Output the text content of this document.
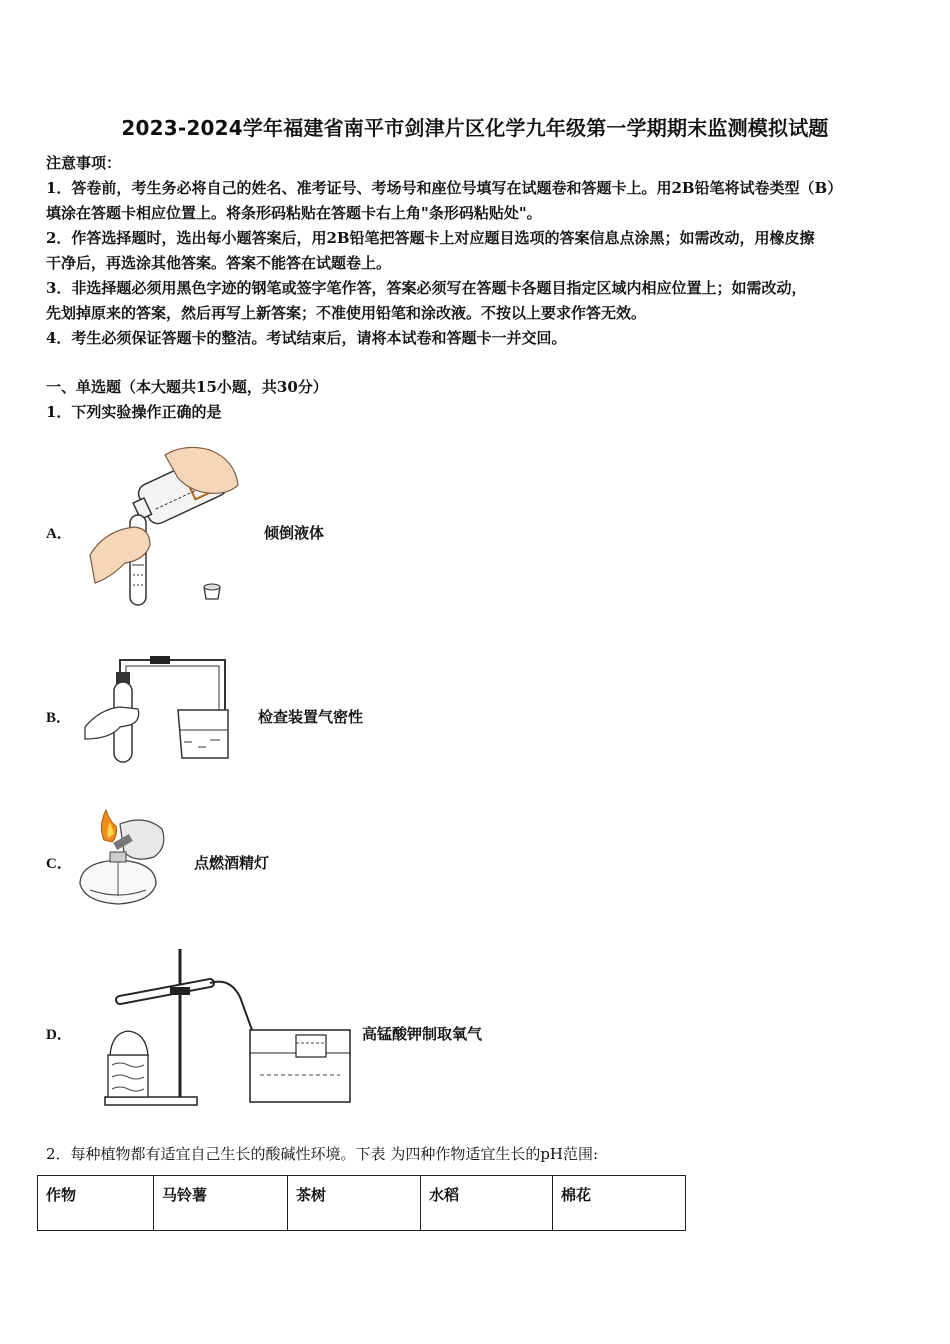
2023-2024学年福建省南平市剑津片区化学九年级第一学期期末监测模拟试题
注意事项：
1．答卷前，考生务必将自己的姓名、准考证号、考场号和座位号填写在试题卷和答题卡上。用2B铅笔将试卷类型（B）
填涂在答题卡相应位置上。将条形码粘贴在答题卡右上角"条形码粘贴处"。
2．作答选择题时，选出每小题答案后，用2B铅笔把答题卡上对应题目选项的答案信息点涂黑；如需改动，用橡皮擦
干净后，再选涂其他答案。答案不能答在试题卷上。
3．非选择题必须用黑色字迹的钢笔或签字笔作答，答案必须写在答题卡各题目指定区域内相应位置上；如需改动，
先划掉原来的答案，然后再写上新答案；不准使用铅笔和涂改液。不按以上要求作答无效。
4．考生必须保证答题卡的整洁。考试结束后，请将本试卷和答题卡一并交回。
一、单选题（本大题共15小题，共30分）
1．下列实验操作正确的是
A．	倾倒液体
B．	检查装置气密性
C．	点燃酒精灯
D．	高锰酸钾制取氧气
2．每种植物都有适宜自己生长的酸碱性环境。下表 为四种作物适宜生长的pH范围:
作物	马铃薯	茶树	水稻	棉花
